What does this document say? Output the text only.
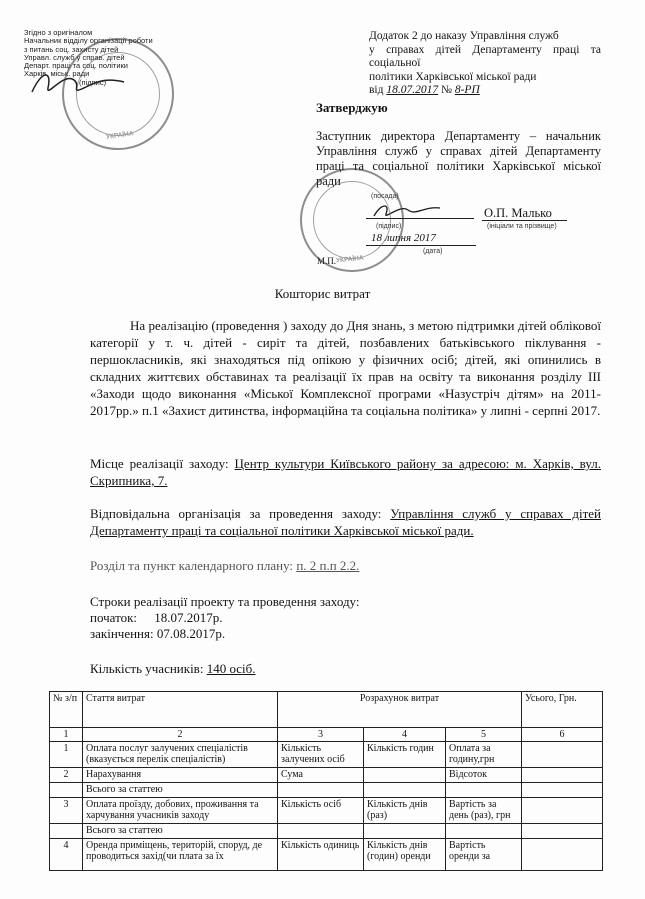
Згідно з оригіналом
Начальник відділу організації роботи
з питань соц. захисту дітей
Управл. служб у справ. дітей
Департ. праці та соц. політики
Харків. міськ. ради
(підпис)
УКРАЇНА
Додаток 2 до наказу Управління служб
у справах дітей Департаменту праці та соціальної
політики Харківської міської ради
від 18.07.2017 № 8-РП
Затверджую
Заступник директора Департаменту – начальник Управління служб у справах дітей Департаменту праці та соціальної політики Харківської міської ради
(посада)
О.П. Малько
(підпис)	(ініціали та прізвище)
18 липня 2017
(дата)
М.П. УКРАЇНА
Кошторис витрат
На реалізацію (проведення ) заходу до Дня знань, з метою підтримки дітей облікової категорії у т. ч. дітей - сиріт та дітей, позбавлених батьківського піклування - першокласників, які знаходяться під опікою у фізичних осіб; дітей, які опинились в складних життєвих обставинах та реалізації їх прав на освіту та виконання розділу ІІІ «Заходи щодо виконання «Міської Комплексної програми «Назустріч дітям» на 2011-2017рр.» п.1 «Захист дитинства, інформаційна та соціальна політика» у липні - серпні 2017.
Місце реалізації заходу: Центр культури Київського району за адресою: м. Харків, вул. Скрипника, 7.
Відповідальна організація за проведення заходу: Управління служб у справах дітей Департаменту праці та соціальної політики Харківської міської ради.
Розділ та пункт календарного плану: п. 2 п.п 2.2.
Строки реалізації проекту та проведення заходу:
початок: 18.07.2017р.
закінчення: 07.08.2017р.
Кількість учасників: 140 осіб.
№ з/п	Стаття витрат	Розрахунок витрат			Усього, Грн.
1	2	3	4	5	6
1	Оплата послуг залучених спеціалістів (вказується перелік спеціалістів)	Кількість залучених осіб	Кількість годин	Оплата за годину,грн	
2	Нарахування	Сума		Відсоток	
	Всього за статтею				
3	Оплата проїзду, добових, проживання та харчування учасників заходу	Кількість осіб	Кількість днів (раз)	Вартість за день (раз), грн	
	Всього за статтею				
4	Оренда приміщень, територій, споруд, де проводиться захід(чи плата за їх	Кількість одиниць	Кількість днів (годин) оренди	Вартість оренди за	
